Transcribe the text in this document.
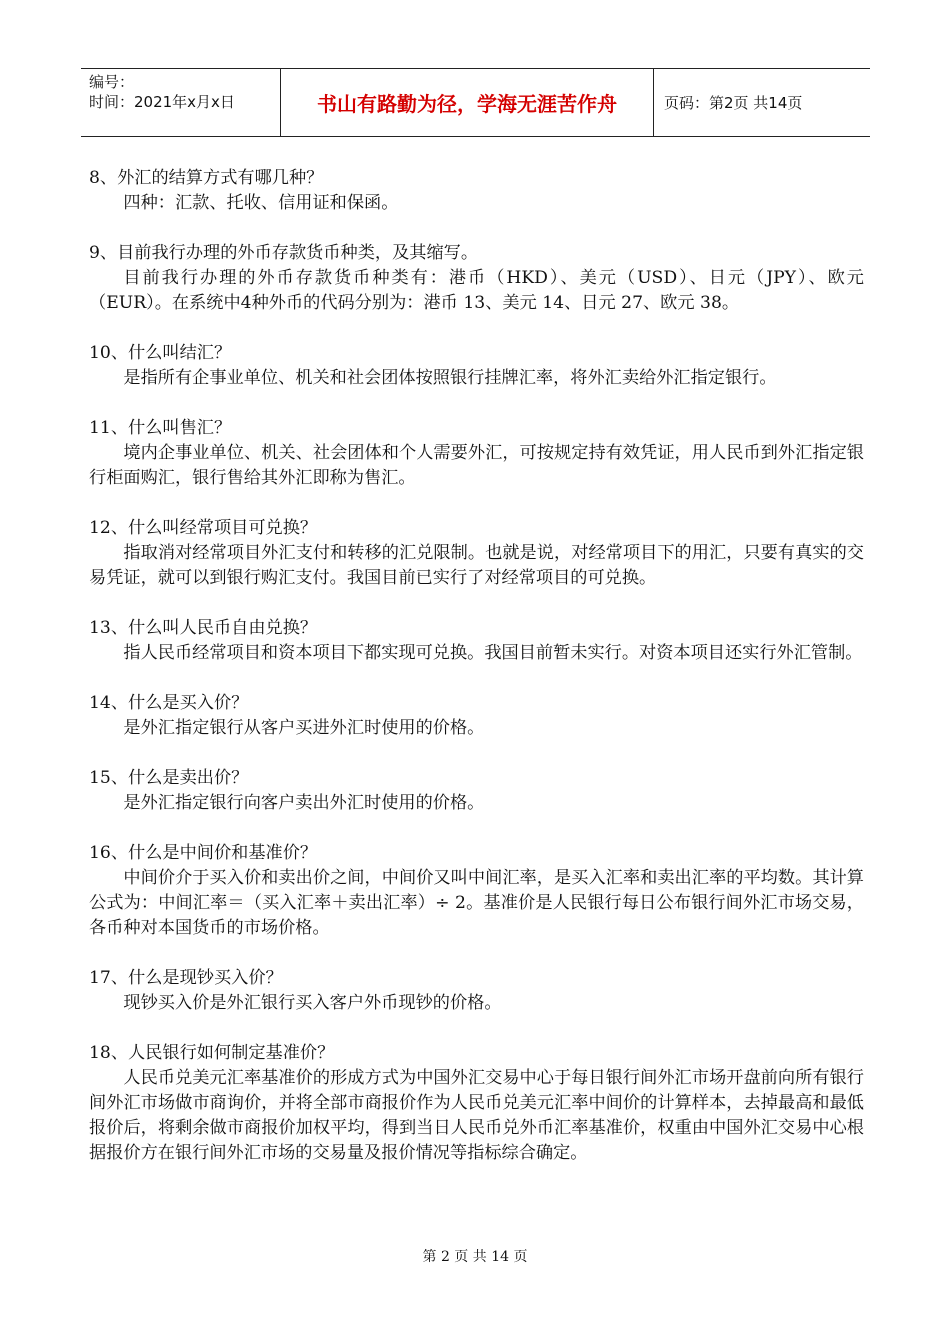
编号：
时间：2021年x月x日	书山有路勤为径，学海无涯苦作舟	页码：第2页 共14页
8、外汇的结算方式有哪几种？
四种：汇款、托收、信用证和保函。
9、目前我行办理的外币存款货币种类，及其缩写。
目前我行办理的外币存款货币种类有：港币（HKD）、美元（USD）、日元（JPY）、欧元（EUR）。在系统中4种外币的代码分别为：港币 13、美元 14、日元 27、欧元 38。
10、什么叫结汇？
是指所有企事业单位、机关和社会团体按照银行挂牌汇率，将外汇卖给外汇指定银行。
11、什么叫售汇？
境内企事业单位、机关、社会团体和个人需要外汇，可按规定持有效凭证，用人民币到外汇指定银行柜面购汇，银行售给其外汇即称为售汇。
12、什么叫经常项目可兑换？
指取消对经常项目外汇支付和转移的汇兑限制。也就是说，对经常项目下的用汇，只要有真实的交易凭证，就可以到银行购汇支付。我国目前已实行了对经常项目的可兑换。
13、什么叫人民币自由兑换？
指人民币经常项目和资本项目下都实现可兑换。我国目前暂未实行。对资本项目还实行外汇管制。
14、什么是买入价？
是外汇指定银行从客户买进外汇时使用的价格。
15、什么是卖出价？
是外汇指定银行向客户卖出外汇时使用的价格。
16、什么是中间价和基准价？
中间价介于买入价和卖出价之间，中间价又叫中间汇率，是买入汇率和卖出汇率的平均数。其计算公式为：中间汇率＝（买入汇率＋卖出汇率）÷ 2。基准价是人民银行每日公布银行间外汇市场交易，各币种对本国货币的市场价格。
17、什么是现钞买入价？
现钞买入价是外汇银行买入客户外币现钞的价格。
18、人民银行如何制定基准价？
人民币兑美元汇率基准价的形成方式为中国外汇交易中心于每日银行间外汇市场开盘前向所有银行间外汇市场做市商询价，并将全部市商报价作为人民币兑美元汇率中间价的计算样本，去掉最高和最低报价后，将剩余做市商报价加权平均，得到当日人民币兑外币汇率基准价，权重由中国外汇交易中心根据报价方在银行间外汇市场的交易量及报价情况等指标综合确定。
第 2 页 共 14 页
